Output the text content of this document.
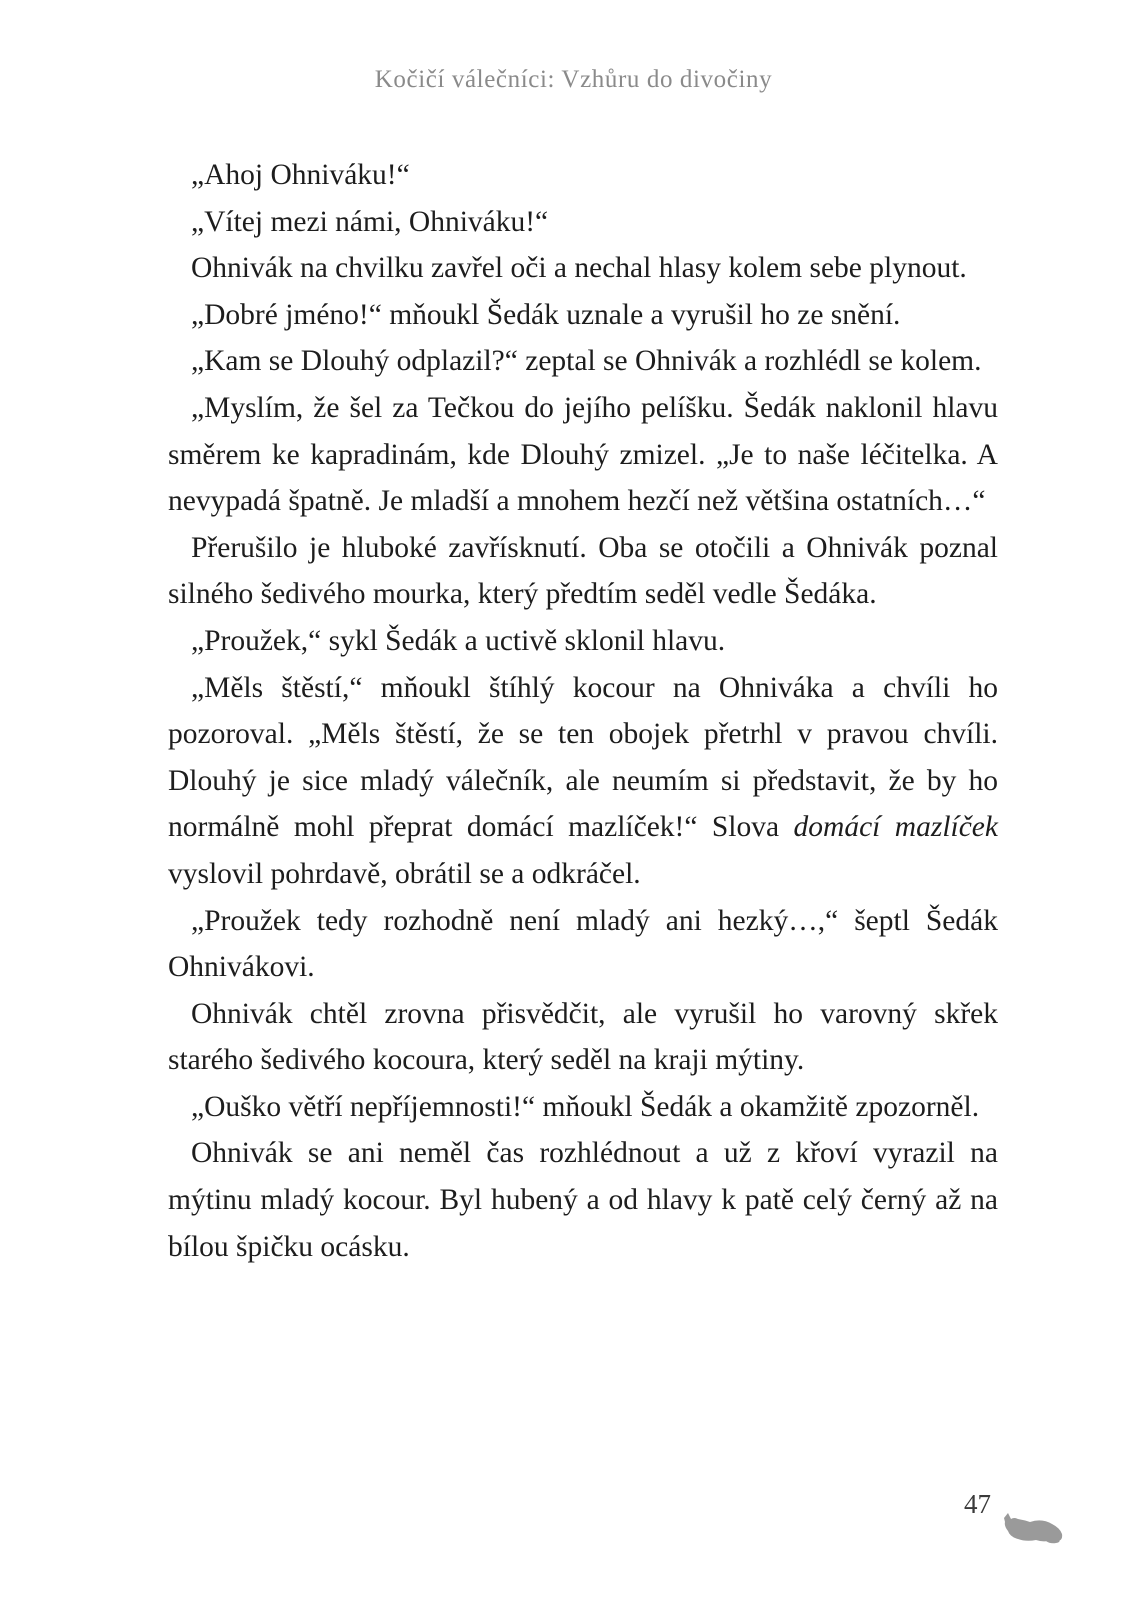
Kočičí válečníci: Vzhůru do divočiny

„Ahoj Ohniváku!“

„Vítej mezi námi, Ohniváku!“

Ohnivák na chvilku zavřel oči a nechal hlasy kolem sebe plynout.

„Dobré jméno!“ mňoukl Šedák uznale a vyrušil ho ze snění.

„Kam se Dlouhý odplazil?“ zeptal se Ohnivák a rozhlédl se kolem.

„Myslím, že šel za Tečkou do jejího pelíšku. Šedák naklonil hlavu směrem ke kapradinám, kde Dlouhý zmizel. „Je to naše léčitelka. A nevypadá špatně. Je mladší a mnohem hezčí než většina ostatních…“

Přerušilo je hluboké zavřísknutí. Oba se otočili a Ohnivák poznal silného šedivého mourka, který předtím seděl vedle Šedáka.

„Proužek,“ sykl Šedák a uctivě sklonil hlavu.

„Měls štěstí,“ mňoukl štíhlý kocour na Ohniváka a chvíli ho pozoroval. „Měls štěstí, že se ten obojek přetrhl v pravou chvíli. Dlouhý je sice mladý válečník, ale neumím si představit, že by ho normálně mohl přeprat domácí mazlíček!“ Slova domácí mazlíček vyslovil pohrdavě, obrátil se a odkráčel.

„Proužek tedy rozhodně není mladý ani hezký…,“ šeptl Šedák Ohnivákovi.

Ohnivák chtěl zrovna přisvědčit, ale vyrušil ho varovný skřek starého šedivého kocoura, který seděl na kraji mýtiny.

„Ouško větří nepříjemnosti!“ mňoukl Šedák a okamžitě zpozorněl.

Ohnivák se ani neměl čas rozhlédnout a už z křoví vyrazil na mýtinu mladý kocour. Byl hubený a od hlavy k patě celý černý až na bílou špičku ocásku.

47
